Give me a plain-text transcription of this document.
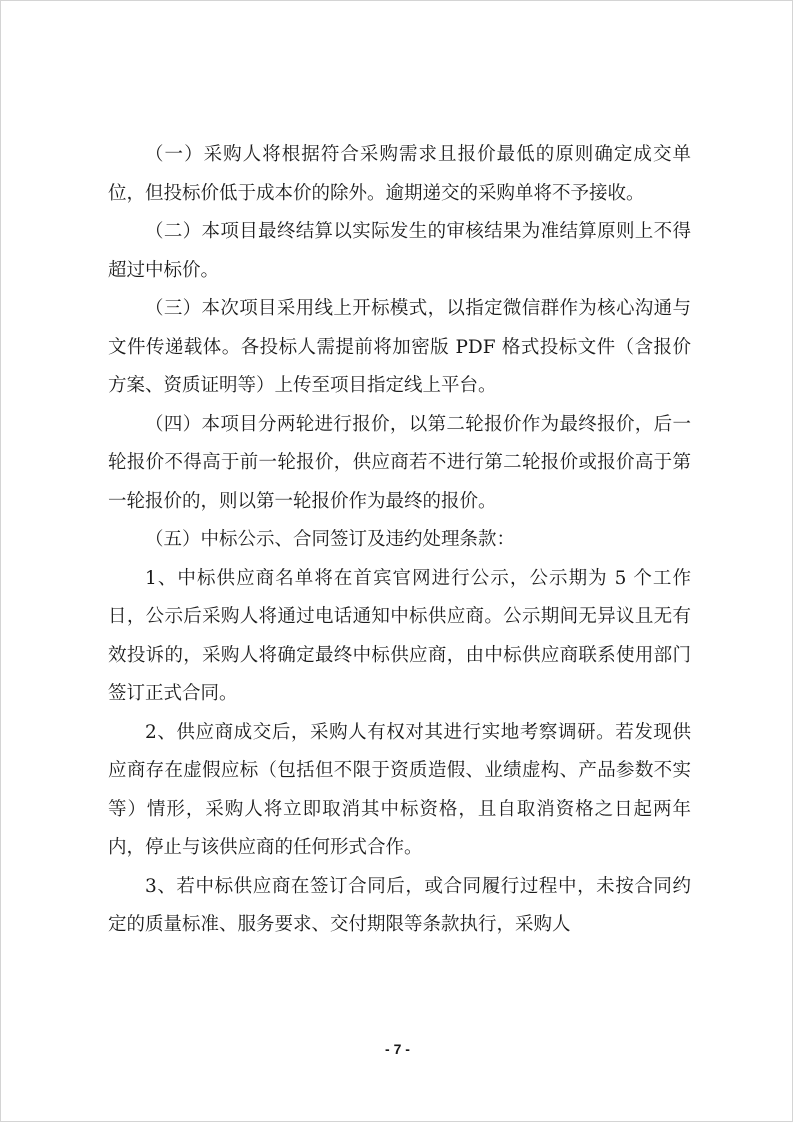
（一）采购人将根据符合采购需求且报价最低的原则确定成交单位，但投标价低于成本价的除外。逾期递交的采购单将不予接收。

（二）本项目最终结算以实际发生的审核结果为准结算原则上不得超过中标价。

（三）本次项目采用线上开标模式，以指定微信群作为核心沟通与文件传递载体。各投标人需提前将加密版 PDF 格式投标文件（含报价方案、资质证明等）上传至项目指定线上平台。

（四）本项目分两轮进行报价，以第二轮报价作为最终报价，后一轮报价不得高于前一轮报价，供应商若不进行第二轮报价或报价高于第一轮报价的，则以第一轮报价作为最终的报价。

（五）中标公示、合同签订及违约处理条款：

1、中标供应商名单将在首宾官网进行公示，公示期为 5 个工作日，公示后采购人将通过电话通知中标供应商。公示期间无异议且无有效投诉的，采购人将确定最终中标供应商，由中标供应商联系使用部门签订正式合同。

2、供应商成交后，采购人有权对其进行实地考察调研。若发现供应商存在虚假应标（包括但不限于资质造假、业绩虚构、产品参数不实等）情形，采购人将立即取消其中标资格，且自取消资格之日起两年内，停止与该供应商的任何形式合作。

3、若中标供应商在签订合同后，或合同履行过程中，未按合同约定的质量标准、服务要求、交付期限等条款执行，采购人

- 7 -
